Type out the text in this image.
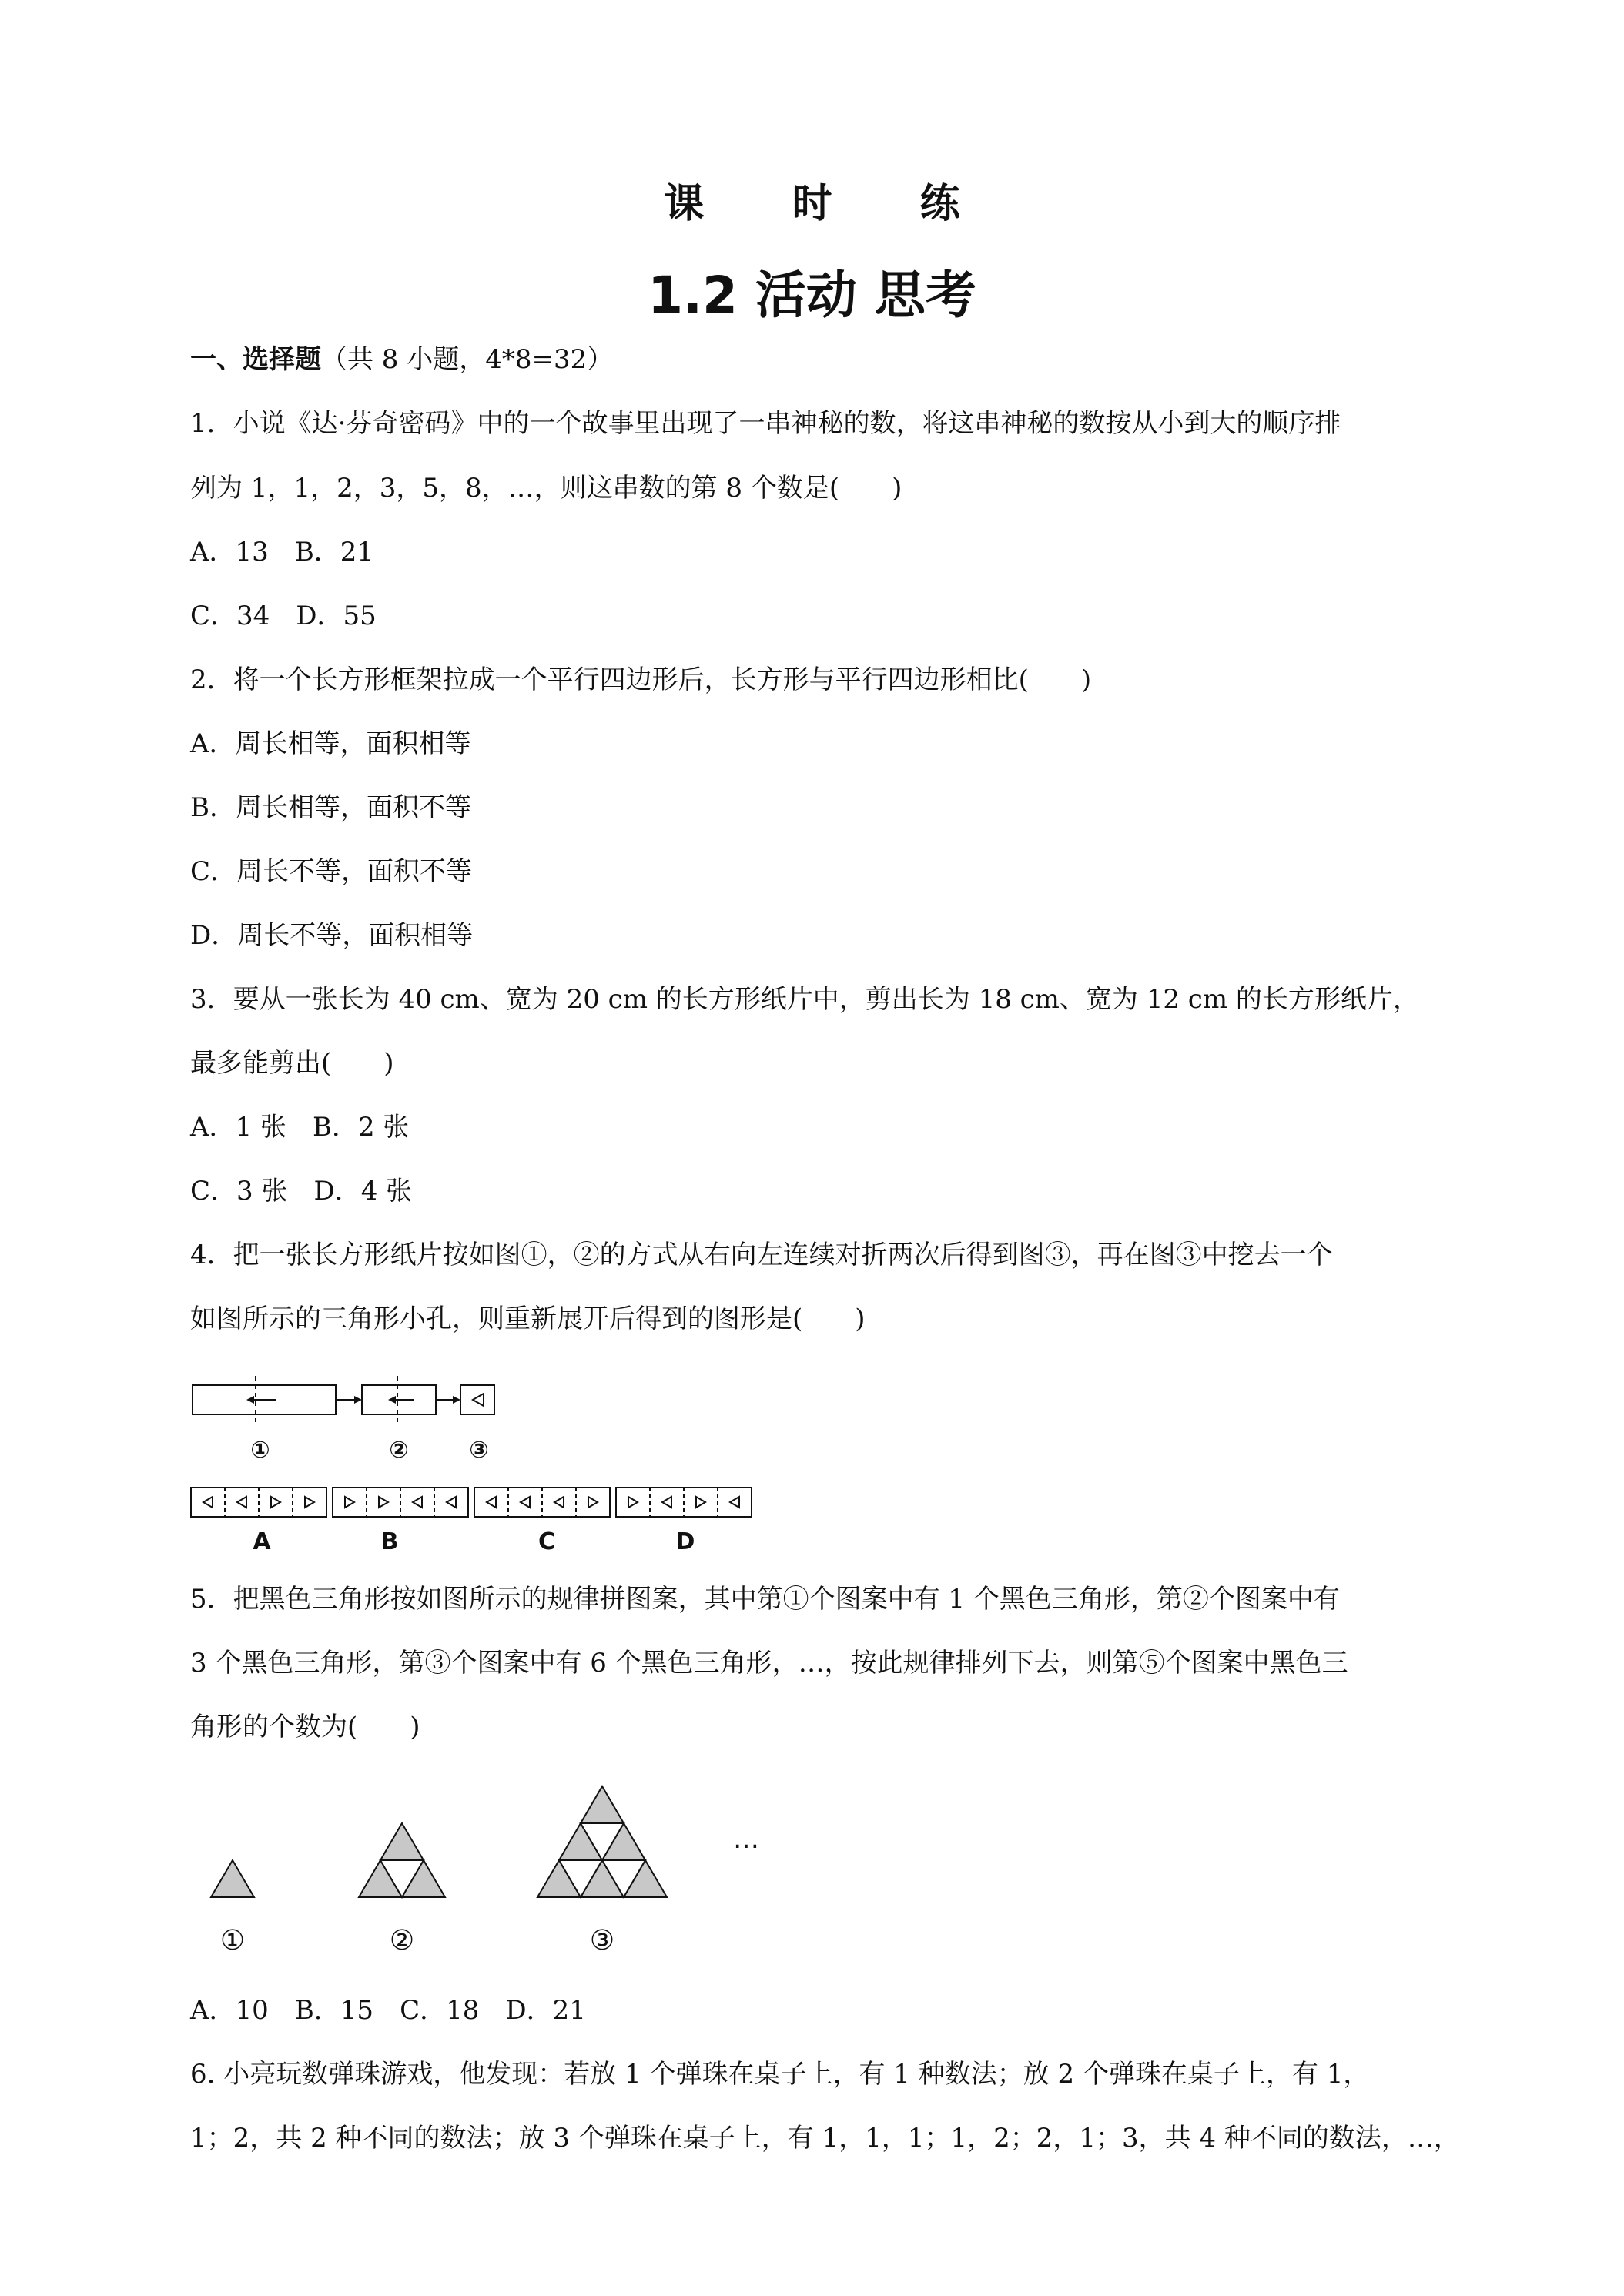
课 时 练
1.2 活动 思考
一、选择题（共 8 小题，4*8=32）
1．小说《达·芬奇密码》中的一个故事里出现了一串神秘的数，将这串神秘的数按从小到大的顺序排
列为 1，1，2，3，5，8，…，则这串数的第 8 个数是(　　)
A．13　B．21
C．34　D．55
2．将一个长方形框架拉成一个平行四边形后，长方形与平行四边形相比(　　)
A．周长相等，面积相等
B．周长相等，面积不等
C．周长不等，面积不等
D．周长不等，面积相等
3．要从一张长为 40 cm、宽为 20 cm 的长方形纸片中，剪出长为 18 cm、宽为 12 cm 的长方形纸片，
最多能剪出(　　)
A．1 张　B．2 张
C．3 张　D．4 张
4．把一张长方形纸片按如图①，②的方式从右向左连续对折两次后得到图③，再在图③中挖去一个
如图所示的三角形小孔，则重新展开后得到的图形是(　　)
①	②	③
A	B	C	D
5．把黑色三角形按如图所示的规律拼图案，其中第①个图案中有 1 个黑色三角形，第②个图案中有
3 个黑色三角形，第③个图案中有 6 个黑色三角形，…，按此规律排列下去，则第⑤个图案中黑色三
角形的个数为(　　)
…
①	②	③
A．10　B．15　C．18　D．21
6. 小亮玩数弹珠游戏，他发现：若放 1 个弹珠在桌子上，有 1 种数法；放 2 个弹珠在桌子上，有 1，
1；2，共 2 种不同的数法；放 3 个弹珠在桌子上，有 1，1，1；1，2；2，1；3，共 4 种不同的数法，…，
